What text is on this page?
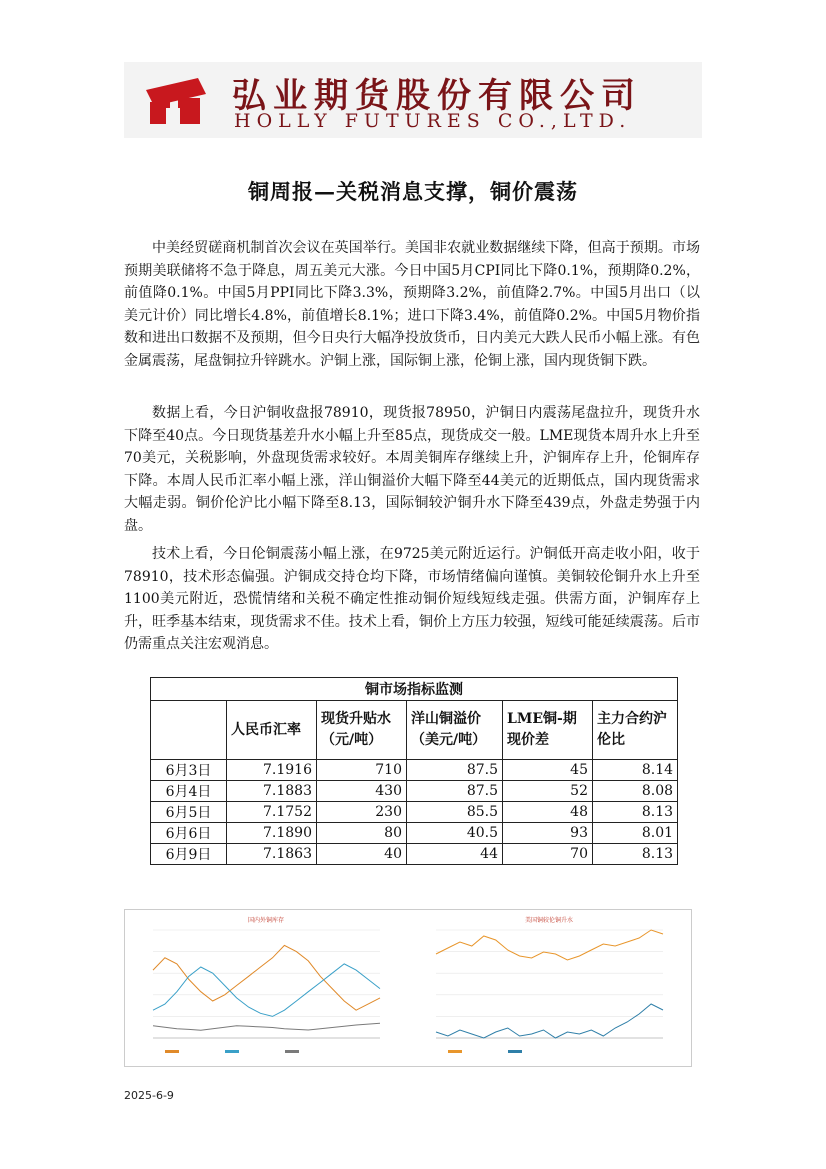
弘业期货股份有限公司
HOLLY FUTURES CO.,LTD.
铜周报—关税消息支撑，铜价震荡

中美经贸磋商机制首次会议在英国举行。美国非农就业数据继续下降，但高于预期。市场预期美联储将不急于降息，周五美元大涨。今日中国5月CPI同比下降0.1%，预期降0.2%，前值降0.1%。中国5月PPI同比下降3.3%，预期降3.2%，前值降2.7%。中国5月出口（以美元计价）同比增长4.8%，前值增长8.1%；进口下降3.4%，前值降0.2%。中国5月物价指数和进出口数据不及预期，但今日央行大幅净投放货币，日内美元大跌人民币小幅上涨。有色金属震荡，尾盘铜拉升锌跳水。沪铜上涨，国际铜上涨，伦铜上涨，国内现货铜下跌。

数据上看，今日沪铜收盘报78910，现货报78950，沪铜日内震荡尾盘拉升，现货升水下降至40点。今日现货基差升水小幅上升至85点，现货成交一般。LME现货本周升水上升至70美元，关税影响，外盘现货需求较好。本周美铜库存继续上升，沪铜库存上升，伦铜库存下降。本周人民币汇率小幅上涨，洋山铜溢价大幅下降至44美元的近期低点，国内现货需求大幅走弱。铜价伦沪比小幅下降至8.13，国际铜较沪铜升水下降至439点，外盘走势强于内盘。

技术上看，今日伦铜震荡小幅上涨，在9725美元附近运行。沪铜低开高走收小阳，收于78910，技术形态偏强。沪铜成交持仓均下降，市场情绪偏向谨慎。美铜较伦铜升水上升至1100美元附近，恐慌情绪和关税不确定性推动铜价短线短线走强。供需方面，沪铜库存上升，旺季基本结束，现货需求不佳。技术上看，铜价上方压力较强，短线可能延续震荡。后市仍需重点关注宏观消息。

铜市场指标监测					
	人民币汇率	现货升贴水（元/吨）	洋山铜溢价（美元/吨）	LME铜-期现价差	主力合约沪伦比
6月3日	7.1916	710	87.5	45	8.14
6月4日	7.1883	430	87.5	52	8.08
6月5日	7.1752	230	85.5	48	8.13
6月6日	7.1890	80	40.5	93	8.01
6月9日	7.1863	40	44	70	8.13
国内外铜库存	美国铜较伦铜升水
2025-6-9
